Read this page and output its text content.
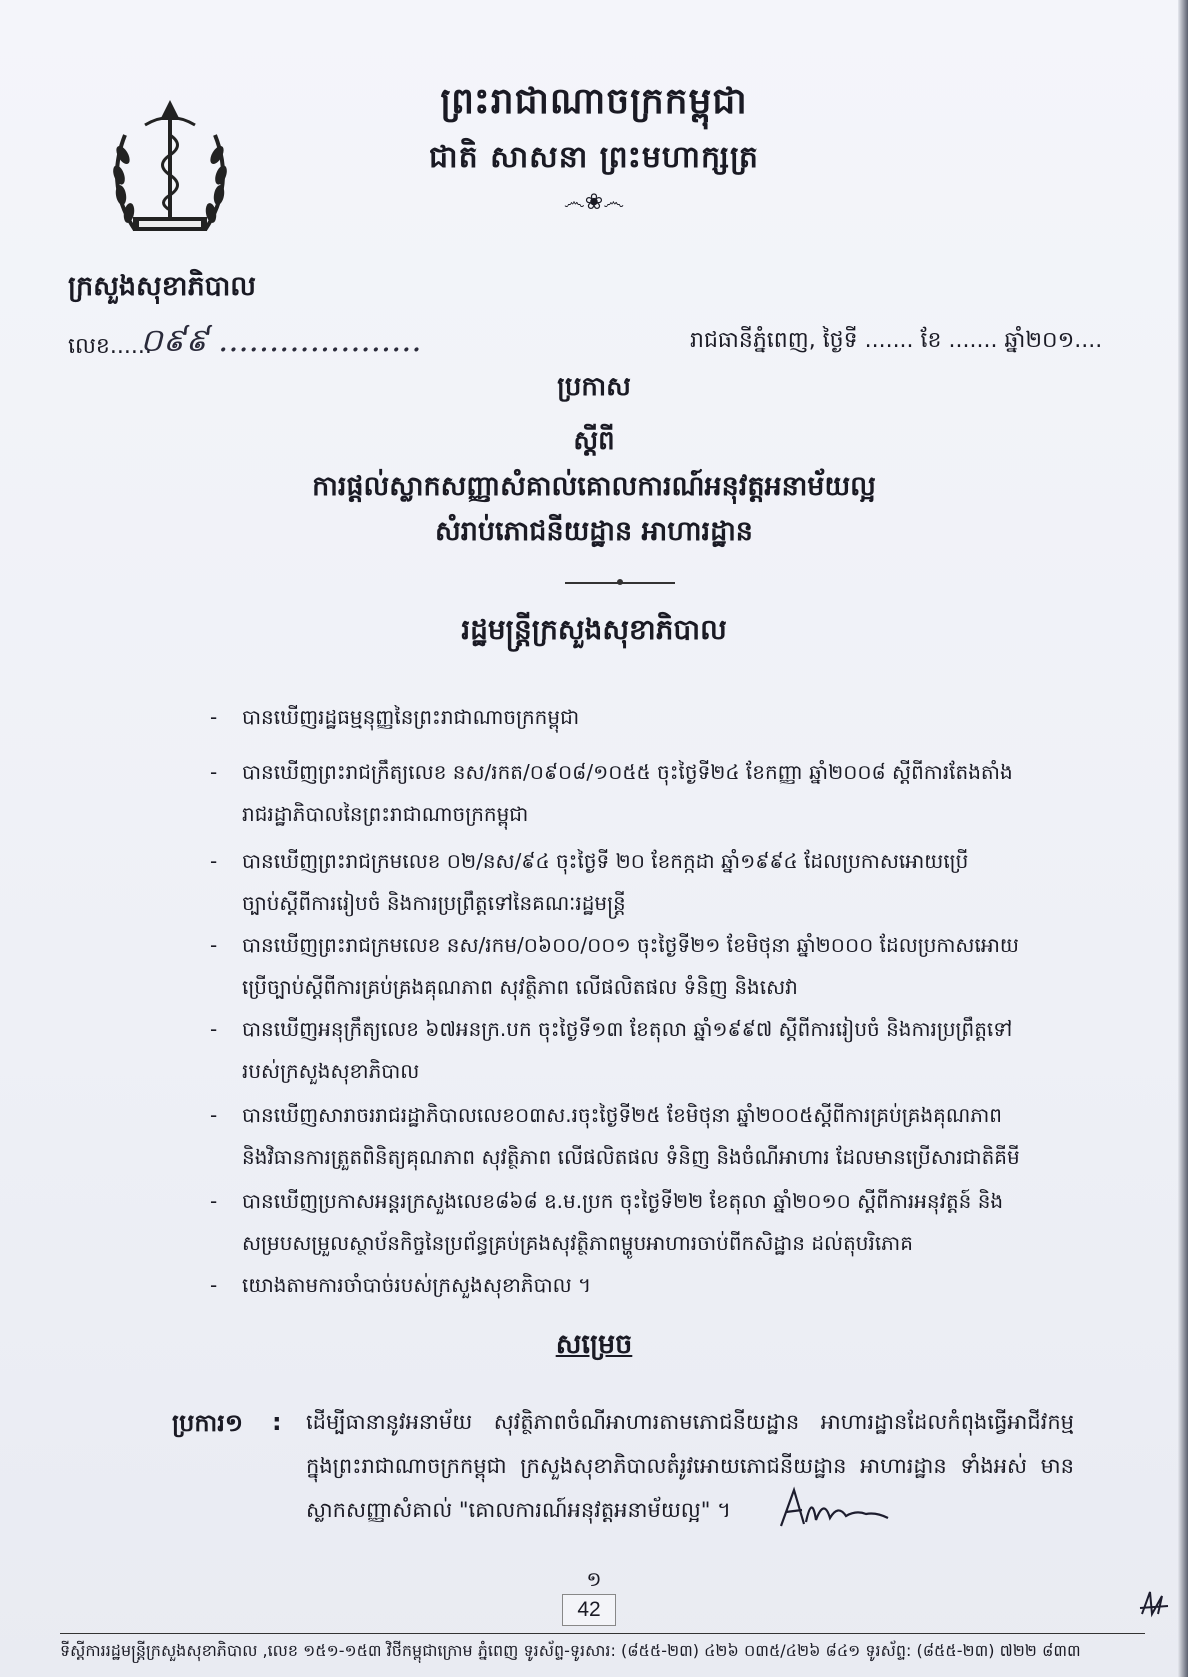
ព្រះរាជាណាចក្រកម្ពុជា
ជាតិ សាសនា ព្រះមហាក្សត្រ
෴❀෴
ក្រសួងសុខាភិបាល
លេខ......
០៩៩ ....................	រាជធានីភ្នំពេញ, ថ្ងៃទី ....... ខែ ....... ឆ្នាំ២០១....
ប្រកាស
ស្ដីពី
ការផ្ដល់ស្លាកសញ្ញាសំគាល់គោលការណ៍អនុវត្តអនាម័យល្អ
សំរាប់ភោជនីយដ្ឋាន អាហារដ្ឋាន
រដ្ឋមន្ត្រីក្រសួងសុខាភិបាល
- បានឃើញរដ្ឋធម្មនុញ្ញនៃព្រះរាជាណាចក្រកម្ពុជា
- បានឃើញព្រះរាជក្រឹត្យលេខ នស/រកត/០៩០៨/១០៥៥ ចុះថ្ងៃទី២៤ ខែកញ្ញា ឆ្នាំ២០០៨ ស្តីពីការតែងតាំង
រាជរដ្ឋាភិបាលនៃព្រះរាជាណាចក្រកម្ពុជា
- បានឃើញព្រះរាជក្រមលេខ ០២/នស/៩៤ ចុះថ្ងៃទី ២០ ខែកក្កដា ឆ្នាំ១៩៩៤ ដែលប្រកាសអោយប្រើ
ច្បាប់ស្តីពីការរៀបចំ និងការប្រព្រឹត្តទៅនៃគណៈរដ្ឋមន្ត្រី
- បានឃើញព្រះរាជក្រមលេខ នស/រកម/០៦០០/០០១ ចុះថ្ងៃទី២១ ខែមិថុនា ឆ្នាំ២០០០ ដែលប្រកាសអោយ
ប្រើច្បាប់ស្តីពីការគ្រប់គ្រងគុណភាព សុវត្ថិភាព លើផលិតផល ទំនិញ និងសេវា
- បានឃើញអនុក្រឹត្យលេខ ៦៧អនក្រ.បក ចុះថ្ងៃទី១៣ ខែតុលា ឆ្នាំ១៩៩៧ ស្តីពីការរៀបចំ និងការប្រព្រឹត្តទៅ
របស់ក្រសួងសុខាភិបាល
- បានឃើញសារាចររាជរដ្ឋាភិបាលលេខ០៣ស.រចុះថ្ងៃទី២៥ ខែមិថុនា ឆ្នាំ២០០៥ស្តីពីការគ្រប់គ្រងគុណភាព
និងវិធានការត្រួតពិនិត្យគុណភាព សុវត្ថិភាព លើផលិតផល ទំនិញ និងចំណីអាហារ ដែលមានប្រើសារជាតិគីមី
- បានឃើញប្រកាសអន្តរក្រសួងលេខ៨៦៨ ឧ.ម.ប្រក ចុះថ្ងៃទី២២ ខែតុលា ឆ្នាំ២០១០ ស្តីពីការអនុវត្តន៍ និង
សម្របសម្រួលស្ថាប័នកិច្ចនៃប្រព័ន្ធគ្រប់គ្រងសុវត្ថិភាពម្ហូបអាហារចាប់ពីកសិដ្ឋាន ដល់តុបរិភោគ
- យោងតាមការចាំបាច់របស់ក្រសួងសុខាភិបាល ។
សម្រេច
ប្រការ១ : ដើម្បីធានានូវអនាម័យ សុវត្ថិភាពចំណីអាហារតាមភោជនីយដ្ឋាន អាហារដ្ឋានដែលកំពុងធ្វើអាជីវកម្ម ក្នុងព្រះរាជាណាចក្រកម្ពុជា ក្រសួងសុខាភិបាលតំរូវអោយភោជនីយដ្ឋាន អាហារដ្ឋាន ទាំងអស់ មានស្លាកសញ្ញាសំគាល់ "គោលការណ៍អនុវត្តអនាម័យល្អ" ។
១
42
ទីស្តីការរដ្ឋមន្ត្រីក្រសួងសុខាភិបាល ,លេខ ១៥១-១៥៣ វិថីកម្ពុជាក្រោម ភ្នំពេញ ទូរស័ព្ទ-ទូរសារ: (៨៥៥-២៣) ៤២៦ ០៣៥/៤២៦ ៨៤១ ទូរស័ព្ទ: (៨៥៥-២៣) ៧២២ ៨៣៣
